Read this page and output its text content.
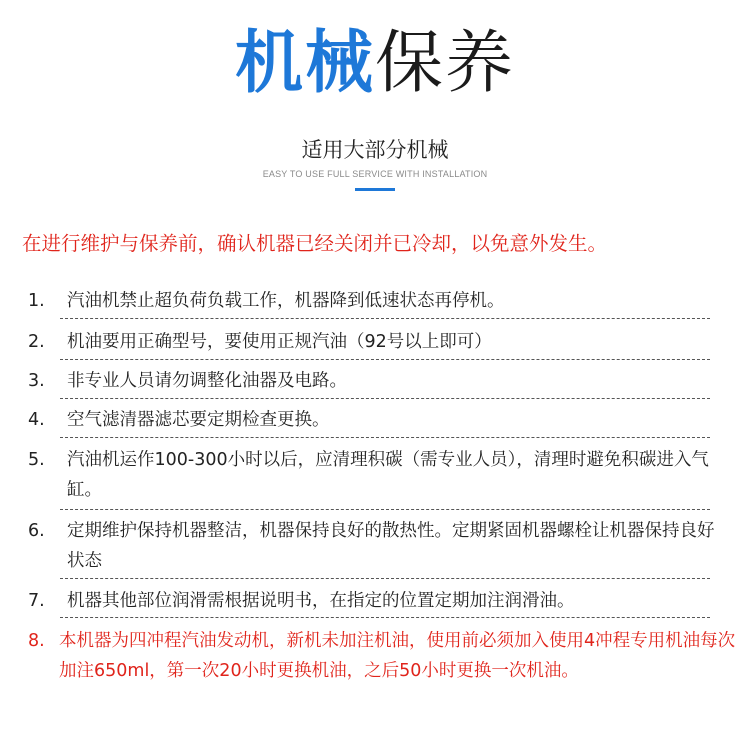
机械保养
适用大部分机械
EASY TO USE FULL SERVICE WITH INSTALLATION
在进行维护与保养前，确认机器已经关闭并已冷却，以免意外发生。
1. 汽油机禁止超负荷负载工作，机器降到低速状态再停机。
2. 机油要用正确型号，要使用正规汽油（92号以上即可）
3. 非专业人员请勿调整化油器及电路。
4. 空气滤清器滤芯要定期检查更换。
5. 汽油机运作100-300小时以后，应清理积碳（需专业人员），清理时避免积碳进入气缸。
6. 定期维护保持机器整洁，机器保持良好的散热性。定期紧固机器螺栓让机器保持良好状态
7. 机器其他部位润滑需根据说明书，在指定的位置定期加注润滑油。
8. 本机器为四冲程汽油发动机，新机未加注机油，使用前必须加入使用4冲程专用机油每次加注650ml，第一次20小时更换机油，之后50小时更换一次机油。
